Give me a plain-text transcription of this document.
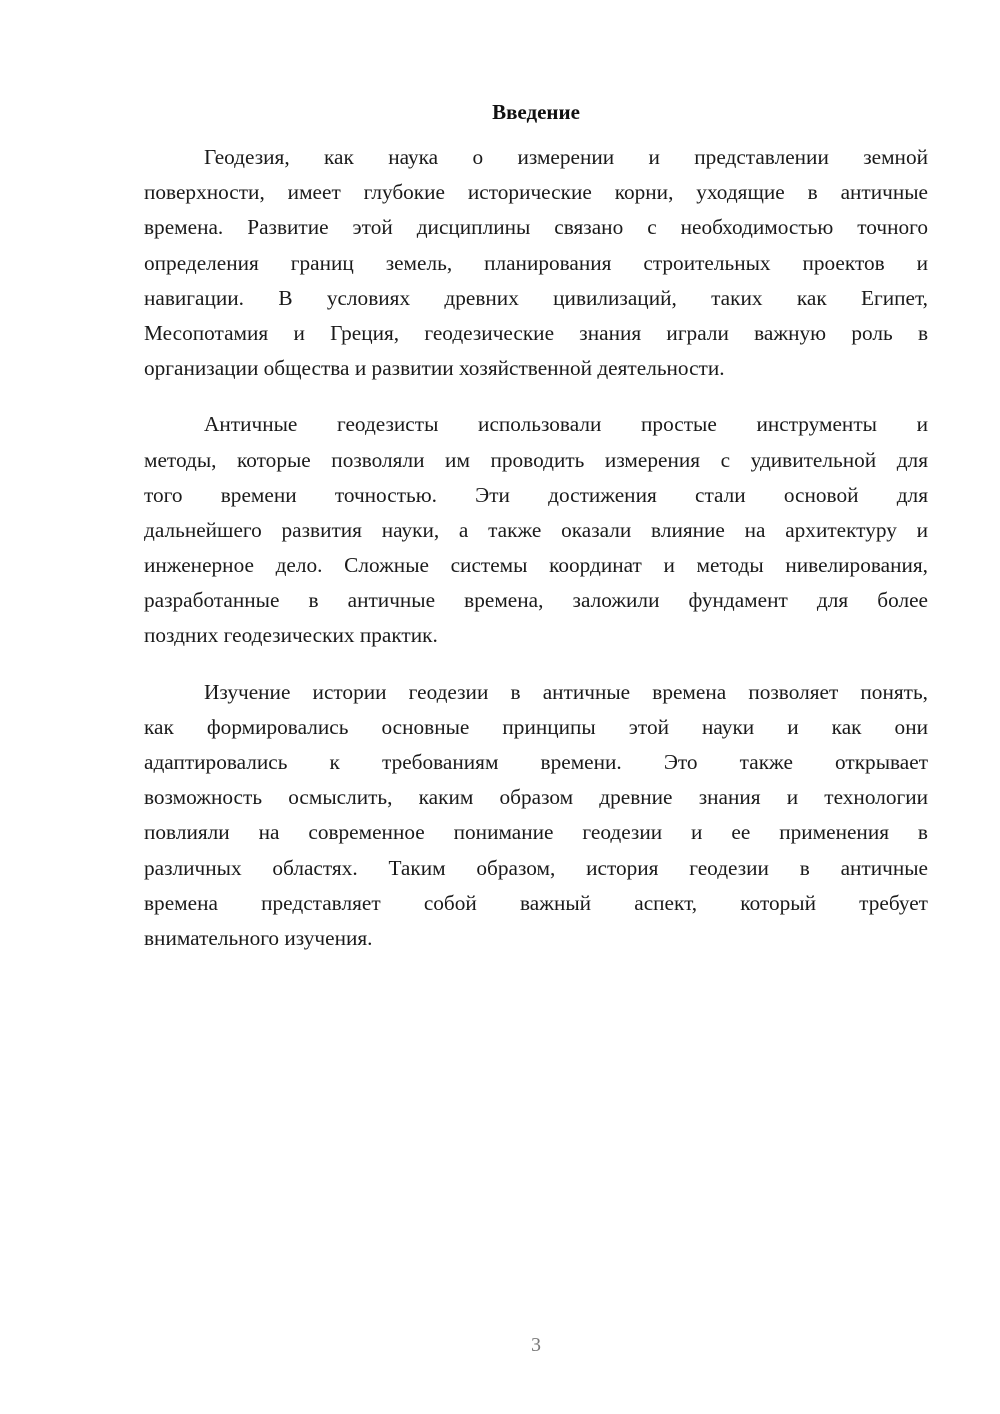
Введение

Геодезия, как наука о измерении и представлении земной
поверхности, имеет глубокие исторические корни, уходящие в античные
времена. Развитие этой дисциплины связано с необходимостью точного
определения границ земель, планирования строительных проектов и
навигации. В условиях древних цивилизаций, таких как Египет,
Месопотамия и Греция, геодезические знания играли важную роль в
организации общества и развитии хозяйственной деятельности.

Античные геодезисты использовали простые инструменты и
методы, которые позволяли им проводить измерения с удивительной для
того времени точностью. Эти достижения стали основой для
дальнейшего развития науки, а также оказали влияние на архитектуру и
инженерное дело. Сложные системы координат и методы нивелирования,
разработанные в античные времена, заложили фундамент для более
поздних геодезических практик.

Изучение истории геодезии в античные времена позволяет понять,
как формировались основные принципы этой науки и как они
адаптировались к требованиям времени. Это также открывает
возможность осмыслить, каким образом древние знания и технологии
повлияли на современное понимание геодезии и ее применения в
различных областях. Таким образом, история геодезии в античные
времена представляет собой важный аспект, который требует
внимательного изучения.

3
